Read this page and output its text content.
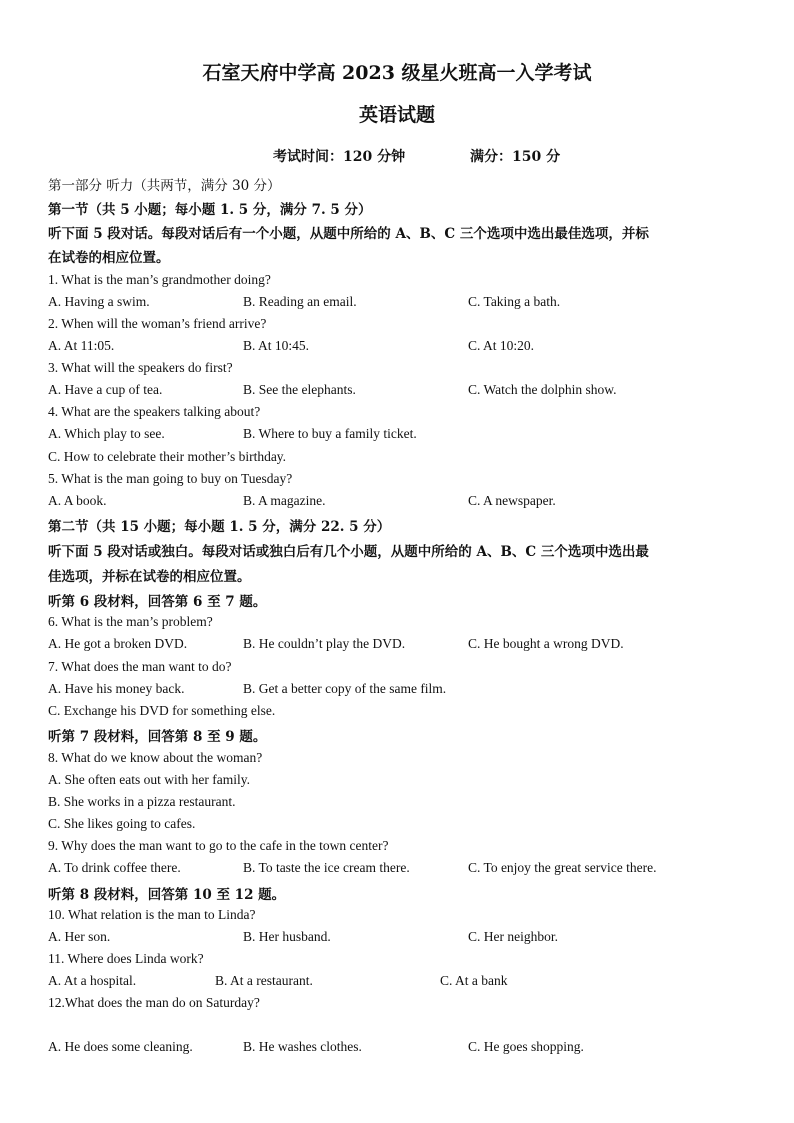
石室天府中学高 2023 级星火班高一入学考试
英语试题
考试时间：120 分钟	满分：150 分
第一部分 听力（共两节，满分 30 分）
第一节（共 5 小题；每小题 1. 5 分，满分 7. 5 分）
听下面 5 段对话。每段对话后有一个小题，从题中所给的 A、B、C 三个选项中选出最佳选项，并标
在试卷的相应位置。
1. What is the man’s grandmother doing?
A. Having a swim.	B. Reading an email.	C. Taking a bath.
2. When will the woman’s friend arrive?
A. At 11:05.	B. At 10:45.	C. At 10:20.
3. What will the speakers do first?
A. Have a cup of tea.	B. See the elephants.	C. Watch the dolphin show.
4. What are the speakers talking about?
A. Which play to see.	B. Where to buy a family ticket.
C. How to celebrate their mother’s birthday.
5. What is the man going to buy on Tuesday?
A. A book.	B. A magazine.	C. A newspaper.
第二节（共 15 小题；每小题 1. 5 分，满分 22. 5 分）
听下面 5 段对话或独白。每段对话或独白后有几个小题，从题中所给的 A、B、C 三个选项中选出最
佳选项，并标在试卷的相应位置。
听第 6 段材料，回答第 6 至 7 题。
6. What is the man’s problem?
A. He got a broken DVD.	B. He couldn’t play the DVD.	C. He bought a wrong DVD.
7. What does the man want to do?
A. Have his money back.	B. Get a better copy of the same film.
C. Exchange his DVD for something else.
听第 7 段材料，回答第 8 至 9 题。
8. What do we know about the woman?
A. She often eats out with her family.
B. She works in a pizza restaurant.
C. She likes going to cafes.
9. Why does the man want to go to the cafe in the town center?
A. To drink coffee there.	B. To taste the ice cream there.	C. To enjoy the great service there.
听第 8 段材料，回答第 10 至 12 题。
10. What relation is the man to Linda?
A. Her son.	B. Her husband.	C. Her neighbor.
11. Where does Linda work?
A. At a hospital.	B. At a restaurant.	C. At a bank
12.What does the man do on Saturday?
A. He does some cleaning.	B. He washes clothes.	C. He goes shopping.
